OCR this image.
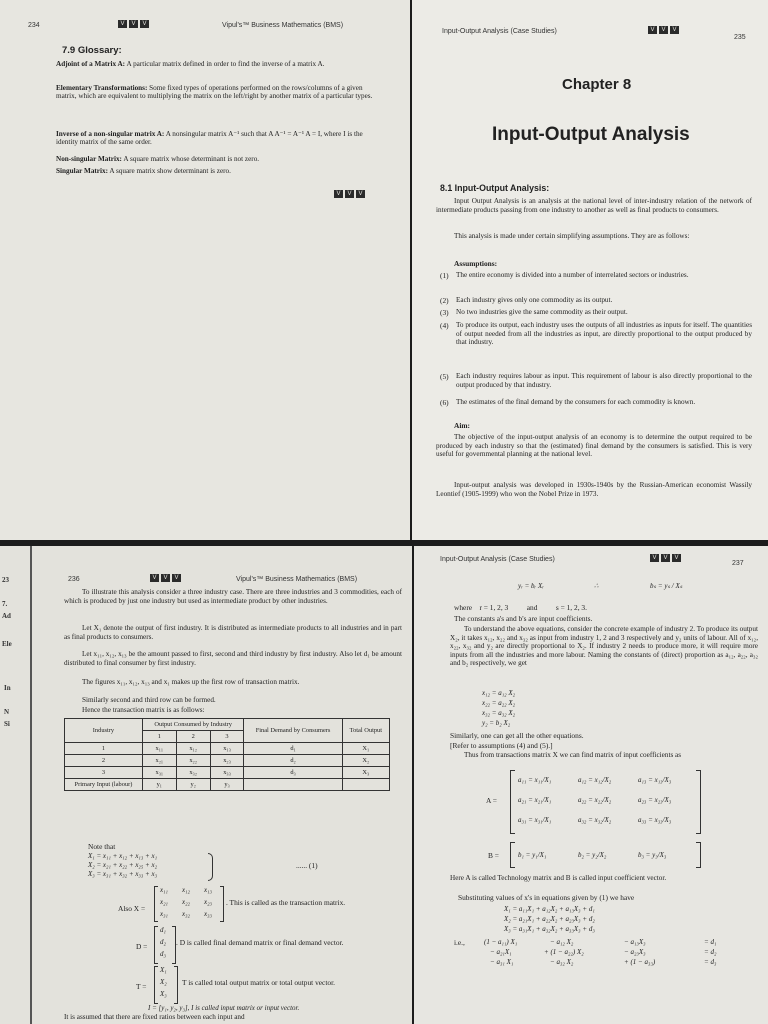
234	V	V	V	Vipul's™ Business Mathematics (BMS)
7.9 Glossary:
Adjoint of a Matrix A: A particular matrix defined in order to find the inverse of a matrix A.
Elementary Transformations: Some fixed types of operations performed on the rows/columns of a given matrix, which are equivalent to multiplying the matrix on the left/right by another matrix of a particular types.
Inverse of a non-singular matrix A: A nonsingular matrix A⁻¹ such that A A⁻¹ = A⁻¹ A = I, where I is the identity matrix of the same order.
Non-singular Matrix: A square matrix whose determinant is not zero.
Singular Matrix: A square matrix show determinant is zero.
V	V	V
Input-Output Analysis (Case Studies)	V	V	V
235
Chapter 8
Input-Output Analysis
8.1 Input-Output Analysis:
Input Output Analysis is an analysis at the national level of inter-industry relation of the network of intermediate products passing from one industry to another as well as final products to consumers.
This analysis is made under certain simplifying assumptions. They are as follows:
Assumptions:
(1) The entire economy is divided into a number of interrelated sectors or industries.
(2) Each industry gives only one commodity as its output.
(3) No two industries give the same commodity as their output.
(4) To produce its output, each industry uses the outputs of all industries as inputs for itself. The quantities of output needed from all the industries as input, are directly proportional to the output produced by that industry.
(5) Each industry requires labour as input. This requirement of labour is also directly proportional to the output produced by that industry.
(6) The estimates of the final demand by the consumers for each commodity is known.
Aim:
The objective of the input-output analysis of an economy is to determine the output required to be produced by each industry so that the (estimated) final demand by the consumers is satisfied. This is very useful for governmental planning at the national level.
Input-output analysis was developed in 1930s-1940s by the Russian-American economist Wassily Leontief (1905-1999) who won the Nobel Prize in 1973.
23
7.
Ad
Ele
In
N
Si
236	V	V	V	Vipul's™ Business Mathematics (BMS)
To illustrate this analysis consider a three industry case. There are three industries and 3 commodities, each of which is produced by just one industry but used as intermediate product by other industries.
Let X₁ denote the output of first industry. It is distributed as intermediate products to all industries and in part as final products to consumers.
Let x₁₁, x₁₂, x₁₃ be the amount passed to first, second and third industry by first industry. Also let d₁ be amount distributed to final consumer by first industry.
The figures x₁₁, x₁₂, x₁₃ and x₁ makes up the first row of transaction matrix.
Similarly second and third row can be formed.
Hence the transaction matrix is as follows:
Industry	Output Consumed by Industry			Final Demand by Consumers	Total Output
	1	2	3		
1	x₁₁	x₁₂	x₁₃	d₁	X₁
2	x₂₁	x₂₂	x₂₃	d₂	X₂
3	x₃₁	x₃₂	x₃₃	d₃	X₃
Primary Input (labour)	y₁	y₂	y₃		
Note that
X₁ = x₁₁ + x₁₂ + x₁₃ + x₁
X₂ = x₂₁ + x₂₂ + x₂₅ + x₂
X₃ = x₃₁ + x₃₂ + x₃₃ + x₃
...... (1)
Also X =
x₁₁ x₁₂ x₁₃
x₂₁ x₂₂ x₂₃
x₃₁ x₃₂ x₃₃
. This is called as the transaction matrix.
D =
d₁
d₂
d₃
. D is called final demand matrix or final demand vector.
T =
X₁
X₂
X₃
T is called total output matrix or total output vector.
I = [y₁, y₂, y₃], I is called input matrix or input vector.
It is assumed that there are fixed ratios between each input and
Input-Output Analysis (Case Studies)	V	V	V
237
yᵣ = bᵣ Xᵣ	∴	bₛ = yₛ / Xₛ
where    r = 1, 2, 3          and          s = 1, 2, 3.
The constants a's and b's are input coefficients.
To understand the above equations, consider the concrete example of industry 2. To produce its output X₂, it takes x₁₂, x₂₂ and x₃₂ as input from industry 1, 2 and 3 respectively and y₂ units of labour. All of x₁₂, x₂₂, x₃₂ and y₂ are directly proportional to X₂. If industry 2 needs to produce more, it will require more inputs from all the industries and more labour. Naming the constants of (direct) proportion as a₁₂, a₂₂, a₃₂ and b₂ respectively, we get
x₁₂ = a₁₂ X₂
x₂₂ = a₂₂ X₂
x₃₂ = a₃₂ X₂
y₂ = b₂ X₂
Similarly, one can get all the other equations.
[Refer to assumptions (4) and (5).]
Thus from transactions matrix X we can find matrix of input coefficients as
A =
a₁₁ = x₁₁/X₁	a₁₂ = x₁₂/X₂	a₁₃ = x₁₃/X₃
a₂₁ = x₂₁/X₁	a₂₂ = x₂₂/X₂	a₂₃ = x₂₃/X₃
a₃₁ = x₃₁/X₁	a₃₂ = x₃₂/X₂	a₃₃ = x₃₃/X₃
B =	b₁ = y₁/X₁	b₂ = y₂/X₂	b₃ = y₃/X₃
Here A is called Technology matrix and B is called input coefficient vector.
Substituting values of x's in equations given by (1) we have
X₁ = a₁₁X₁ + a₁₂X₂ + a₁₃X₃ + d₁
X₂ = a₂₁X₁ + a₂₂X₂ + a₂₃X₃ + d₂
X₃ = a₃₁X₁ + a₃₂X₂ + a₃₃X₃ + d₃
i.e.,	(1 − a₁₁) X₁	− a₁₂ X₂	− a₁₃X₃	= d₁
− a₂₁X₁	+ (1 − a₂₂) X₂	− a₂₃X₃	= d₂
− a₃₁ X₁	− a₃₂ X₂	+ (1 − a₃₃)	= d₃
